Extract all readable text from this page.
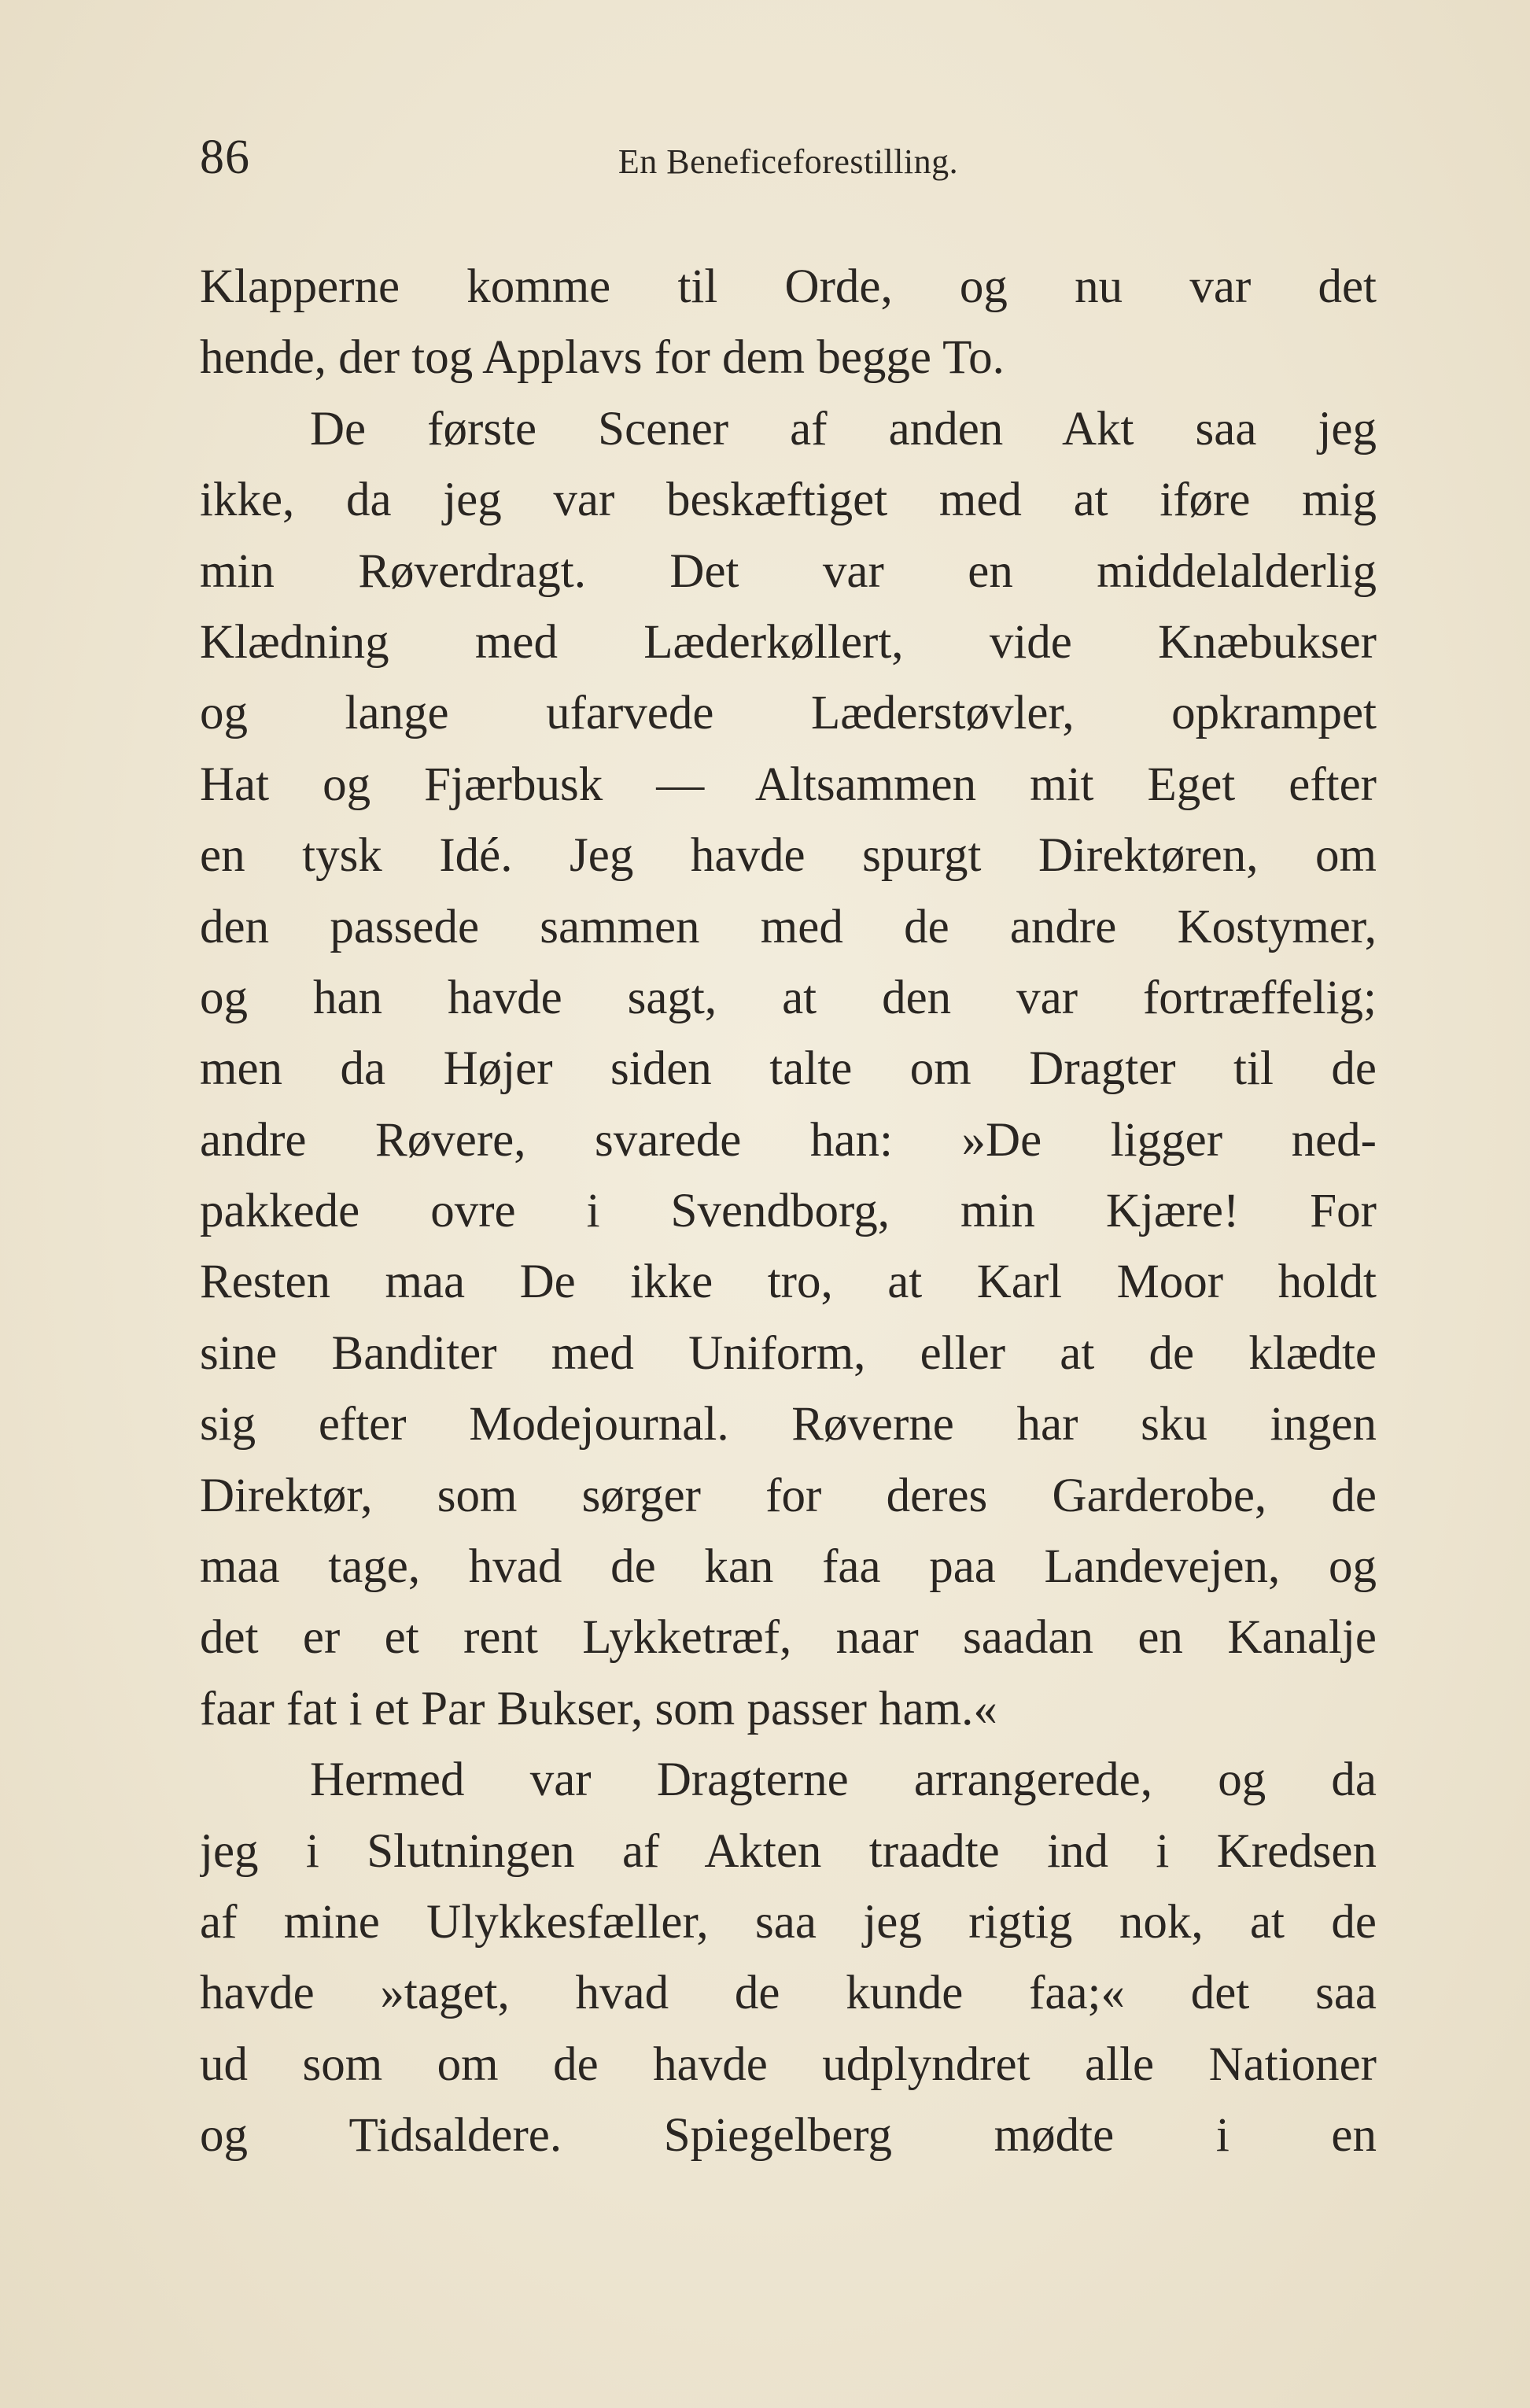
86	En Beneficeforestilling.
Klapperne komme til Orde, og nu var det
hende, der tog Applavs for dem begge To.
De første Scener af anden Akt saa jeg
ikke, da jeg var beskæftiget med at iføre mig
min Røverdragt. Det var en middelalderlig
Klædning med Læderkøllert, vide Knæbukser
og lange ufarvede Læderstøvler, opkrampet
Hat og Fjærbusk — Altsammen mit Eget efter
en tysk Idé. Jeg havde spurgt Direktøren, om
den passede sammen med de andre Kostymer,
og han havde sagt, at den var fortræffelig;
men da Højer siden talte om Dragter til de
andre Røvere, svarede han: »De ligger ned-
pakkede ovre i Svendborg, min Kjære! For
Resten maa De ikke tro, at Karl Moor holdt
sine Banditer med Uniform, eller at de klædte
sig efter Modejournal. Røverne har sku ingen
Direktør, som sørger for deres Garderobe, de
maa tage, hvad de kan faa paa Landevejen, og
det er et rent Lykketræf, naar saadan en Kanalje
faar fat i et Par Bukser, som passer ham.«
Hermed var Dragterne arrangerede, og da
jeg i Slutningen af Akten traadte ind i Kredsen
af mine Ulykkesfæller, saa jeg rigtig nok, at de
havde »taget, hvad de kunde faa;« det saa
ud som om de havde udplyndret alle Nationer
og Tidsaldere. Spiegelberg mødte i en
